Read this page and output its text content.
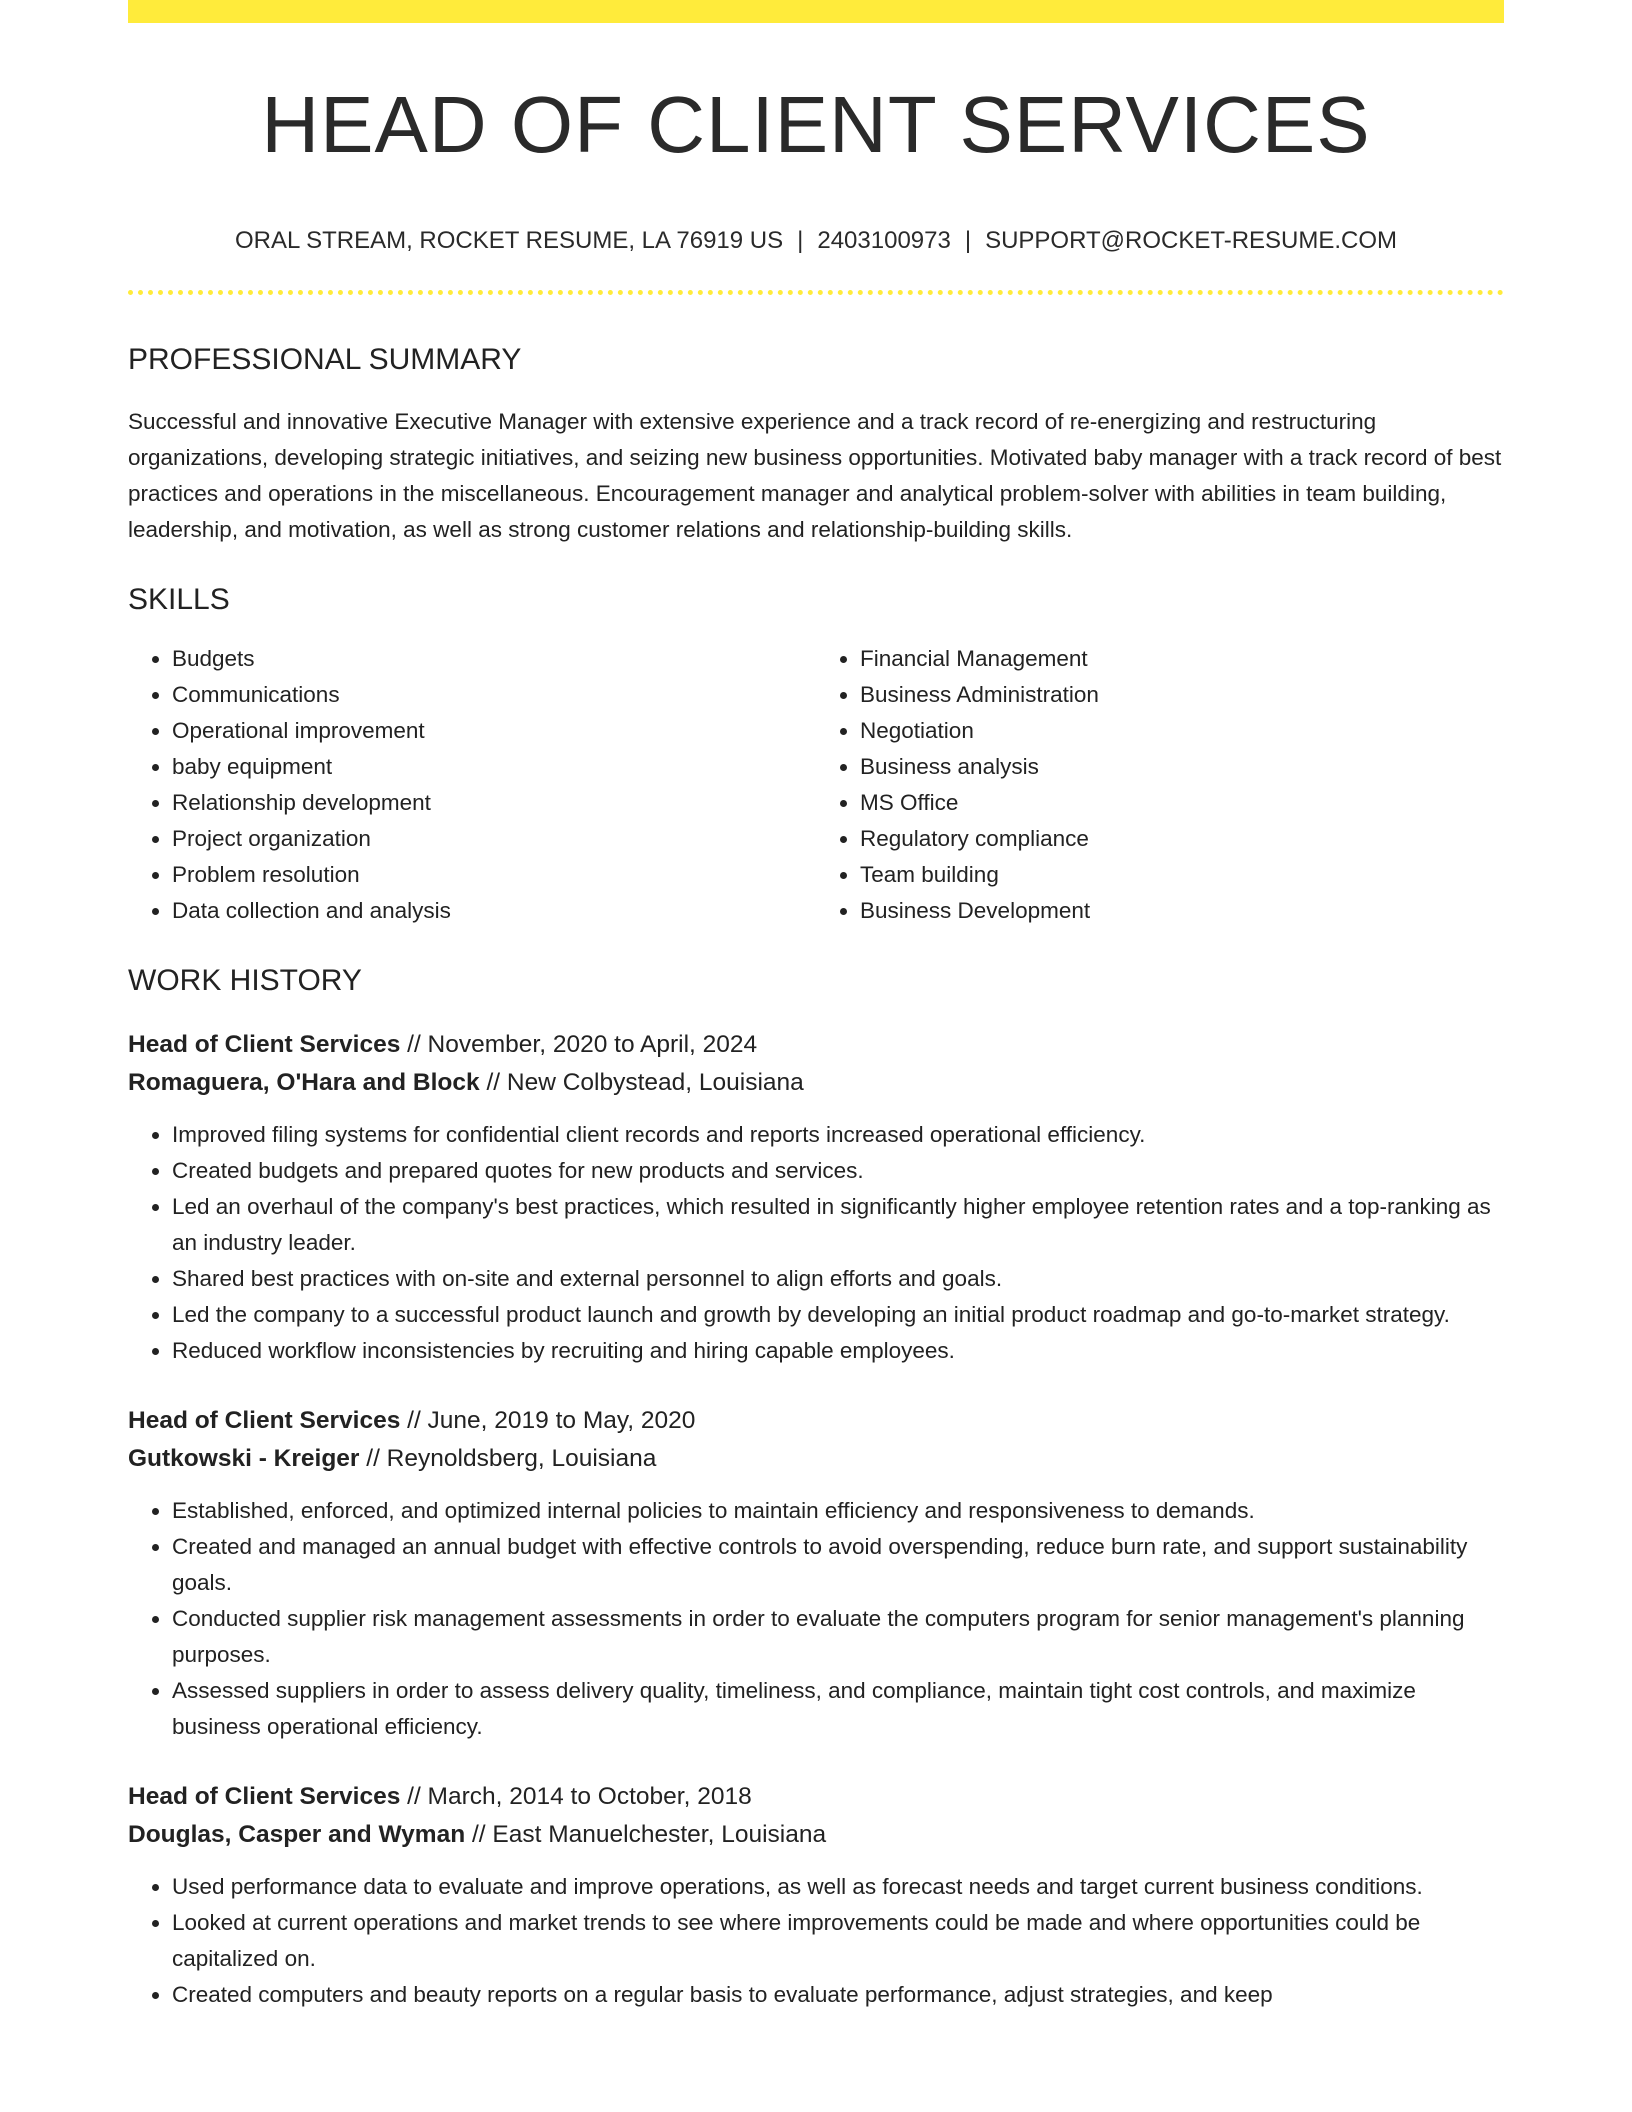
HEAD OF CLIENT SERVICES
ORAL STREAM, ROCKET RESUME, LA 76919 US | 2403100973 | SUPPORT@ROCKET-RESUME.COM
PROFESSIONAL SUMMARY

Successful and innovative Executive Manager with extensive experience and a track record of re-energizing and restructuring organizations, developing strategic initiatives, and seizing new business opportunities. Motivated baby manager with a track record of best practices and operations in the miscellaneous. Encouragement manager and analytical problem-solver with abilities in team building, leadership, and motivation, as well as strong customer relations and relationship-building skills.

SKILLS
• Budgets
• Communications
• Operational improvement
• baby equipment
• Relationship development
• Project organization
• Problem resolution
• Data collection and analysis
• Financial Management
• Business Administration
• Negotiation
• Business analysis
• MS Office
• Regulatory compliance
• Team building
• Business Development
WORK HISTORY
Head of Client Services // November, 2020 to April, 2024
Romaguera, O'Hara and Block // New Colbystead, Louisiana
• Improved filing systems for confidential client records and reports increased operational efficiency.
• Created budgets and prepared quotes for new products and services.
• Led an overhaul of the company's best practices, which resulted in significantly higher employee retention rates and a top-ranking as an industry leader.
• Shared best practices with on-site and external personnel to align efforts and goals.
• Led the company to a successful product launch and growth by developing an initial product roadmap and go-to-market strategy.
• Reduced workflow inconsistencies by recruiting and hiring capable employees.
Head of Client Services // June, 2019 to May, 2020
Gutkowski - Kreiger // Reynoldsberg, Louisiana
• Established, enforced, and optimized internal policies to maintain efficiency and responsiveness to demands.
• Created and managed an annual budget with effective controls to avoid overspending, reduce burn rate, and support sustainability goals.
• Conducted supplier risk management assessments in order to evaluate the computers program for senior management's planning purposes.
• Assessed suppliers in order to assess delivery quality, timeliness, and compliance, maintain tight cost controls, and maximize business operational efficiency.
Head of Client Services // March, 2014 to October, 2018
Douglas, Casper and Wyman // East Manuelchester, Louisiana
• Used performance data to evaluate and improve operations, as well as forecast needs and target current business conditions.
• Looked at current operations and market trends to see where improvements could be made and where opportunities could be capitalized on.
• Created computers and beauty reports on a regular basis to evaluate performance, adjust strategies, and keep
